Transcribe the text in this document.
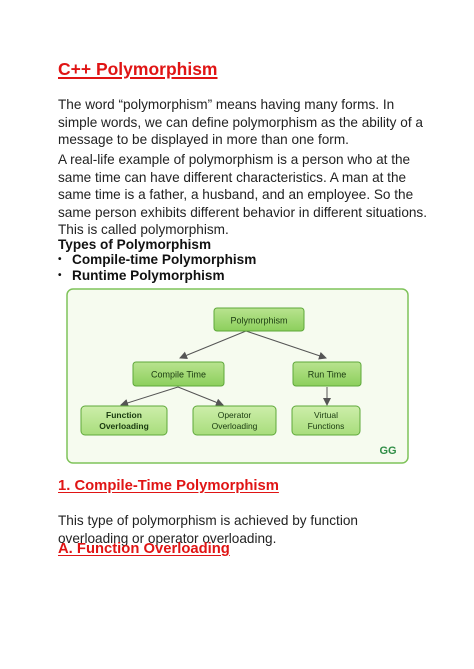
C++ Polymorphism
The word “polymorphism” means having many forms. In simple words, we can define polymorphism as the ability of a message to be displayed in more than one form.
A real-life example of polymorphism is a person who at the same time can have different characteristics. A man at the same time is a father, a husband, and an employee. So the same person exhibits different behavior in different situations. This is called polymorphism.
Types of Polymorphism
• Compile-time Polymorphism
• Runtime Polymorphism
Polymorphism
Compile Time	Run Time
Function
Overloading
Operator
Overloading
Virtual
Functions
GG
1. Compile-Time Polymorphism
This type of polymorphism is achieved by function overloading or operator overloading.
A. Function Overloading
